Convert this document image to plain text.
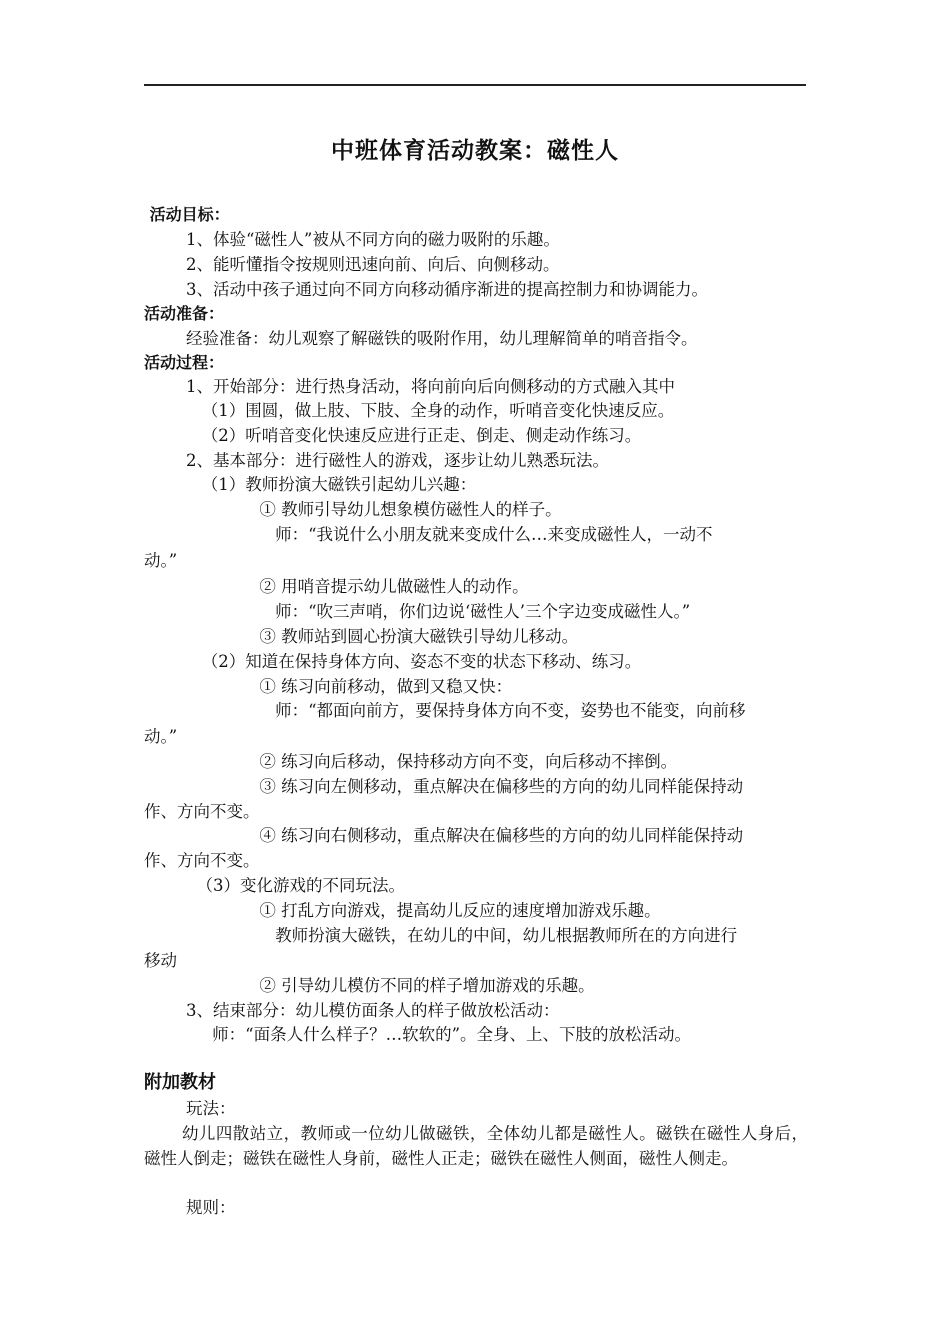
中班体育活动教案：磁性人
活动目标：
1、体验“磁性人”被从不同方向的磁力吸附的乐趣。
2、能听懂指令按规则迅速向前、向后、向侧移动。
3、活动中孩子通过向不同方向移动循序渐进的提高控制力和协调能力。
活动准备：
经验准备：幼儿观察了解磁铁的吸附作用，幼儿理解简单的哨音指令。
活动过程：
1、开始部分：进行热身活动，将向前向后向侧移动的方式融入其中
（1）围圆，做上肢、下肢、全身的动作，听哨音变化快速反应。
（2）听哨音变化快速反应进行正走、倒走、侧走动作练习。
2、基本部分：进行磁性人的游戏，逐步让幼儿熟悉玩法。
（1）教师扮演大磁铁引起幼儿兴趣：
① 教师引导幼儿想象模仿磁性人的样子。
师：“我说什么小朋友就来变成什么…来变成磁性人，一动不
动。”
② 用哨音提示幼儿做磁性人的动作。
师：“吹三声哨，你们边说‘磁性人’三个字边变成磁性人。”
③ 教师站到圆心扮演大磁铁引导幼儿移动。
（2）知道在保持身体方向、姿态不变的状态下移动、练习。
① 练习向前移动，做到又稳又快：
师：“都面向前方，要保持身体方向不变，姿势也不能变，向前移
动。”
② 练习向后移动，保持移动方向不变，向后移动不摔倒。
③ 练习向左侧移动，重点解决在偏移些的方向的幼儿同样能保持动
作、方向不变。
④ 练习向右侧移动，重点解决在偏移些的方向的幼儿同样能保持动
作、方向不变。
（3）变化游戏的不同玩法。
① 打乱方向游戏，提高幼儿反应的速度增加游戏乐趣。
教师扮演大磁铁，在幼儿的中间，幼儿根据教师所在的方向进行
移动
② 引导幼儿模仿不同的样子增加游戏的乐趣。
3、结束部分：幼儿模仿面条人的样子做放松活动：
师：“面条人什么样子？…软软的”。全身、上、下肢的放松活动。
附加教材
玩法：
幼儿四散站立，教师或一位幼儿做磁铁，全体幼儿都是磁性人。磁铁在磁性人身后，磁性人倒走；磁铁在磁性人身前，磁性人正走；磁铁在磁性人侧面，磁性人侧走。
规则：
